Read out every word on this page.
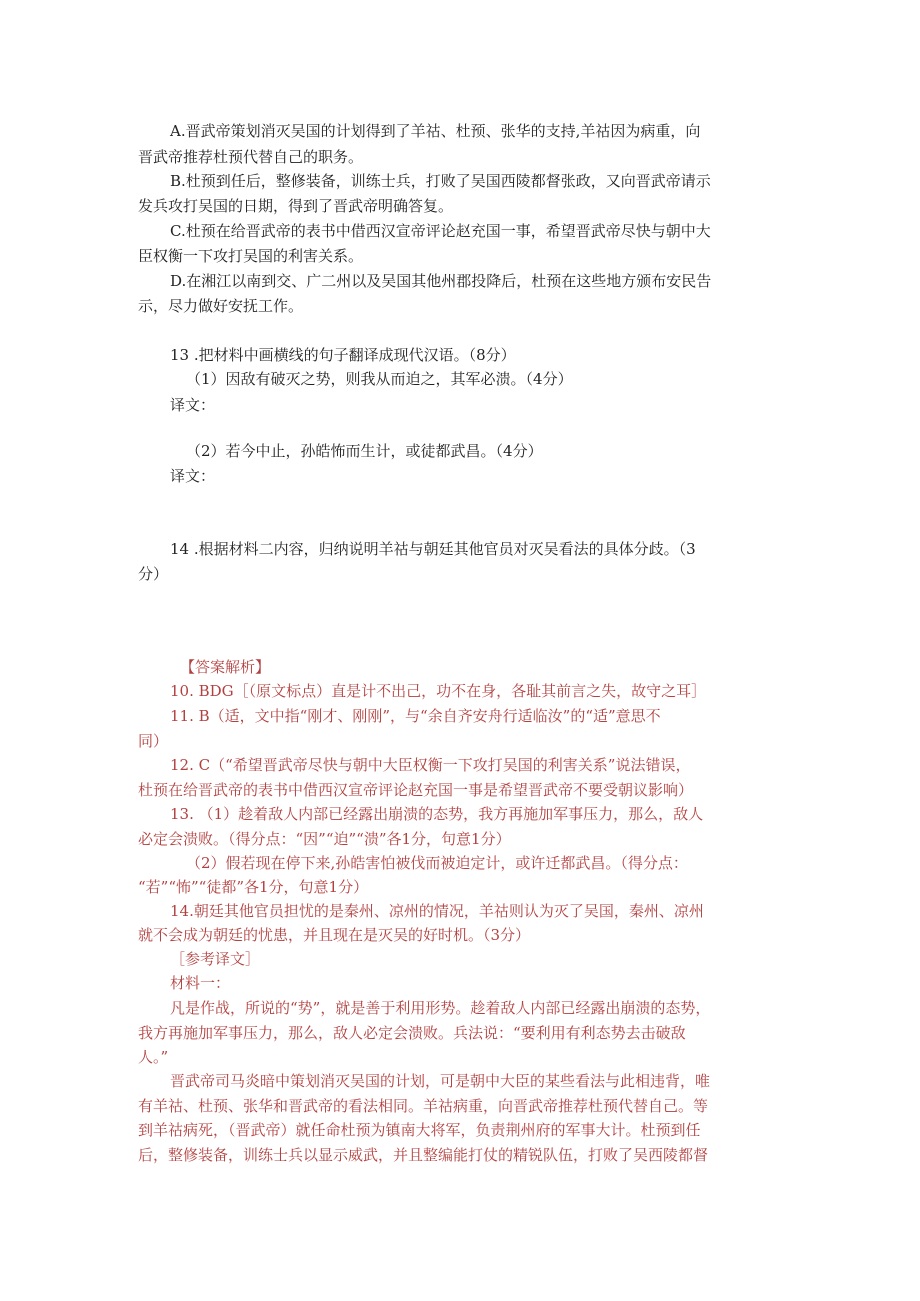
A.晋武帝策划消灭吴国的计划得到了羊祜、杜预、张华的支持,羊祜因为病重，向
晋武帝推荐杜预代替自己的职务。
B.杜预到任后，整修装备，训练士兵，打败了吴国西陵都督张政，又向晋武帝请示
发兵攻打吴国的日期，得到了晋武帝明确答复。
C.杜预在给晋武帝的表书中借西汉宣帝评论赵充国一事，希望晋武帝尽快与朝中大
臣权衡一下攻打吴国的利害关系。
D.在湘江以南到交、广二州以及吴国其他州郡投降后，杜预在这些地方颁布安民告
示，尽力做好安抚工作。
13 .把材料中画横线的句子翻译成现代汉语。（8分）
（1）因敌有破灭之势，则我从而迫之，其军必溃。（4分）
译文：
（2）若今中止，孙皓怖而生计，或徒都武昌。（4分）
译文：
14 .根据材料二内容，归纳说明羊祜与朝廷其他官员对灭吴看法的具体分歧。（3
分）
【答案解析】
10. BDG［（原文标点）直是计不出己，功不在身，各耻其前言之失，故守之耳］
11. B（适，文中指“刚才、刚刚”，与“余自齐安舟行适临汝”的“适”意思不
同）
12. C（“希望晋武帝尽快与朝中大臣权衡一下攻打吴国的利害关系”说法错误，
杜预在给晋武帝的表书中借西汉宣帝评论赵充国一事是希望晋武帝不要受朝议影响）
13. （1）趁着敌人内部已经露出崩溃的态势，我方再施加军事压力，那么，敌人
必定会溃败。（得分点：“因”“迫”“溃”各1分，句意1分）
（2）假若现在停下来,孙皓害怕被伐而被迫定计，或许迁都武昌。（得分点：
“若”“怖”“徒都”各1分，句意1分）
14.朝廷其他官员担忧的是秦州、凉州的情况，羊祜则认为灭了吴国，秦州、凉州
就不会成为朝廷的忧患，并且现在是灭吴的好时机。（3分）
［参考译文］
材料一：
凡是作战，所说的“势”，就是善于利用形势。趁着敌人内部已经露出崩溃的态势，
我方再施加军事压力，那么，敌人必定会溃败。兵法说：“要利用有利态势去击破敌
人。”
晋武帝司马炎暗中策划消灭吴国的计划，可是朝中大臣的某些看法与此相违背，唯
有羊祜、杜预、张华和晋武帝的看法相同。羊祜病重，向晋武帝推荐杜预代替自己。等
到羊祜病死，（晋武帝）就任命杜预为镇南大将军，负责荆州府的军事大计。杜预到任
后，整修装备，训练士兵以显示威武，并且整编能打仗的精锐队伍，打败了吴西陵都督
